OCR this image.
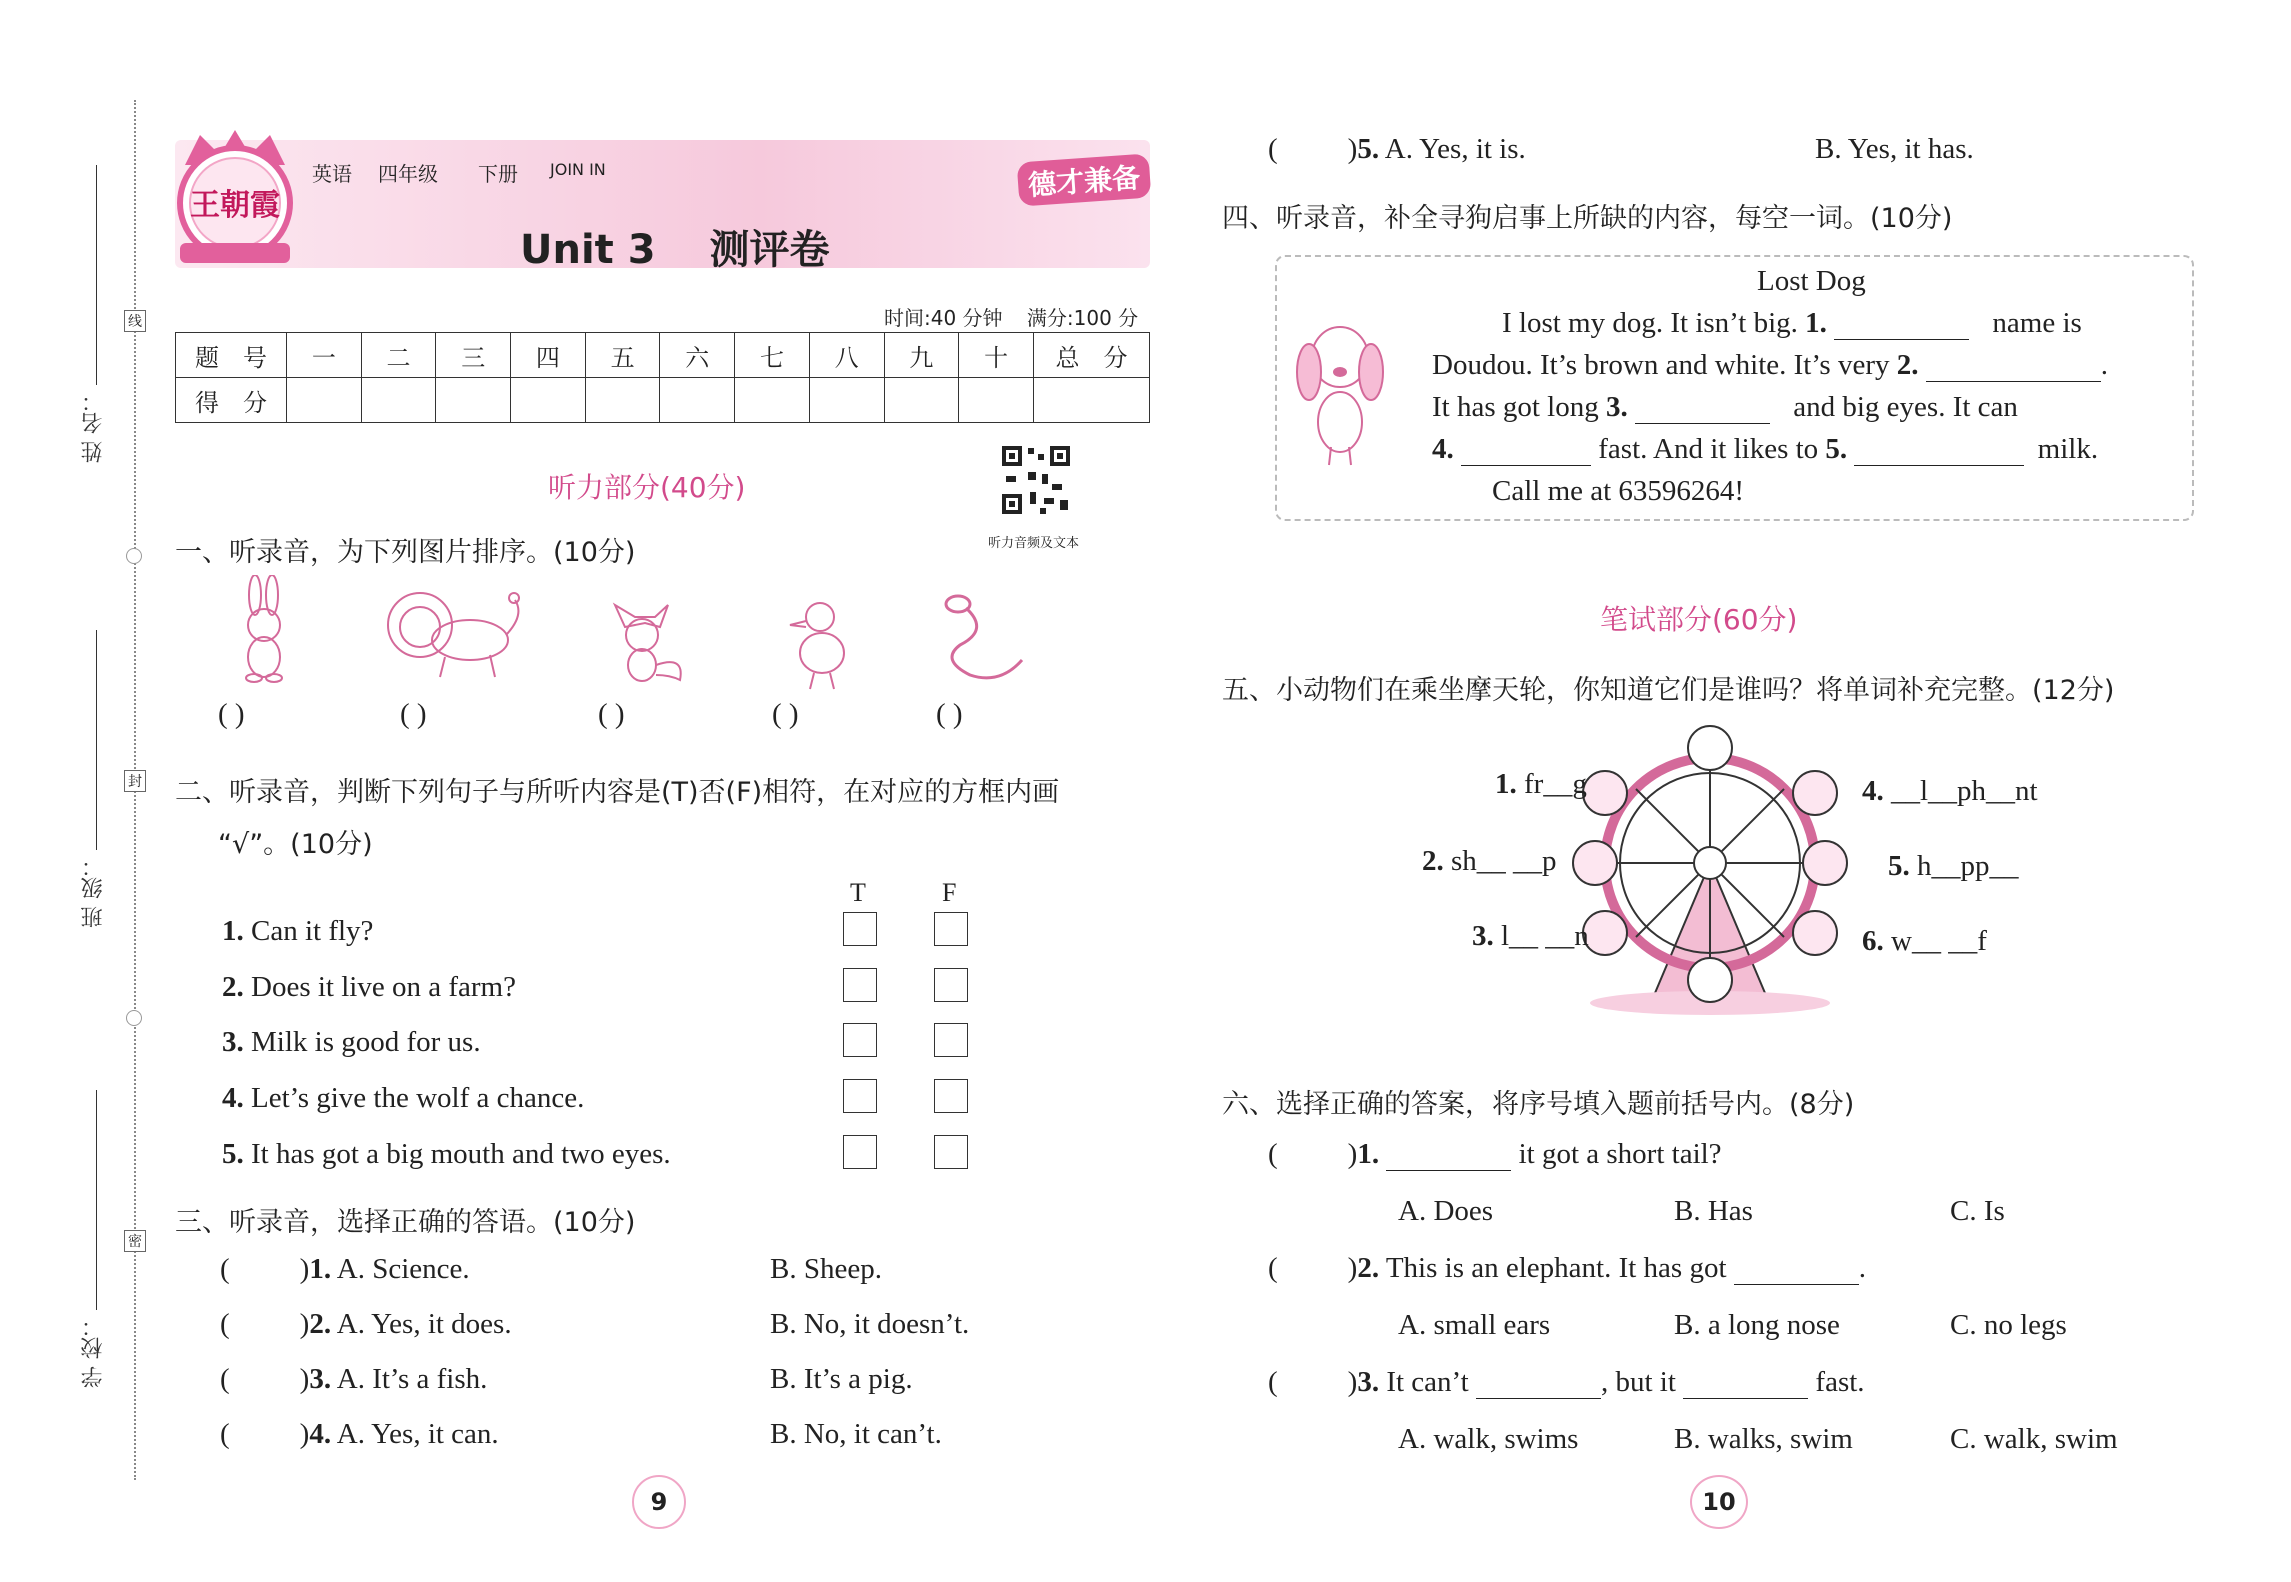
线
封
密
姓 名：
班 级：
学 校：
王朝霞
英语 四年级 下册 JOIN IN	德才兼备
Unit 3 测评卷
时间:40 分钟 满分:100 分
题　号	一	二	三	四	五	六	七	八	九	十	总　分
得　分											
听力部分(40分)
听力音频及文本
一、听录音，为下列图片排序。(10分)
( )	( )	( )	( )	( )
二、听录音，判断下列句子与所听内容是(T)否(F)相符，在对应的方框内画
“√”。(10分)
T	F
1. Can it fly?
2. Does it live on a farm?
3. Milk is good for us.
4. Let’s give the wolf a chance.
5. It has got a big mouth and two eyes.
三、听录音，选择正确的答语。(10分)
( )1. A. Science.	B. Sheep.
( )2. A. Yes, it does.	B. No, it doesn’t.
( )3. A. It’s a fish.	B. It’s a pig.
( )4. A. Yes, it can.	B. No, it can’t.
9
( )5. A. Yes, it is.	B. Yes, it has.
四、听录音，补全寻狗启事上所缺的内容，每空一词。(10分)
Lost Dog
I lost my dog. It isn’t big. 1.	name is
Doudou. It’s brown and white. It’s very 2.	.
It has got long 3.	and big eyes. It can
4.	fast. And it likes to 5.	milk.
Call me at 63596264!
笔试部分(60分)
五、小动物们在乘坐摩天轮，你知道它们是谁吗？将单词补充完整。(12分)
1. fr__g
2. sh__ __p
3. l__ __n
4. __l__ph__nt
5. h__pp__
6. w__ __f
六、选择正确的答案，将序号填入题前括号内。(8分)
( )1.	it got a short tail?
A. Does	B. Has	C. Is
( )2. This is an elephant. It has got	.
A. small ears	B. a long nose	C. no legs
( )3. It can’t	, but it	fast.
A. walk, swims	B. walks, swim	C. walk, swim
10
